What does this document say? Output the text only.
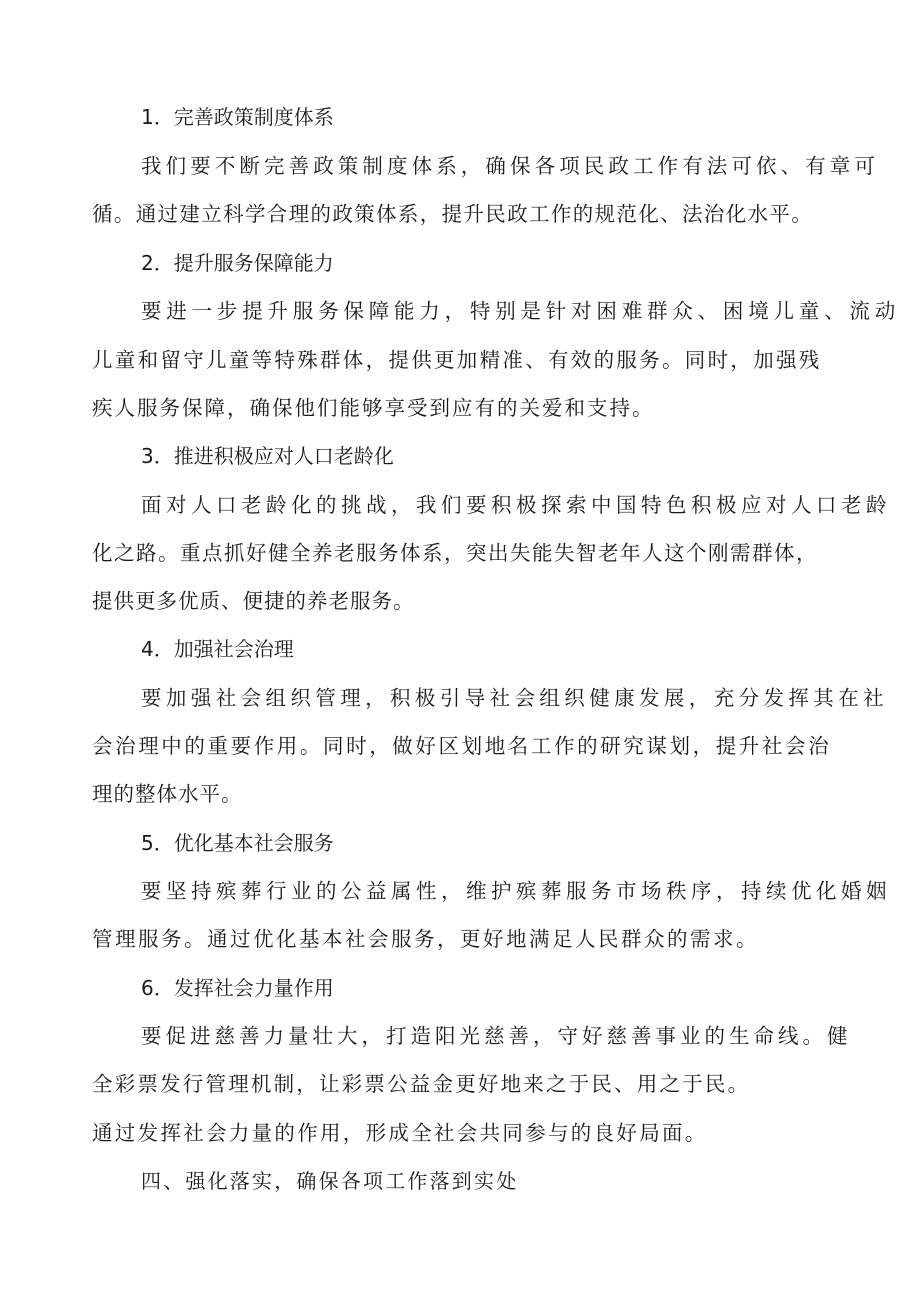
1．完善政策制度体系
我们要不断完善政策制度体系，确保各项民政工作有法可依、有章可
循。通过建立科学合理的政策体系，提升民政工作的规范化、法治化水平。
2．提升服务保障能力
要进一步提升服务保障能力，特别是针对困难群众、困境儿童、流动
儿童和留守儿童等特殊群体，提供更加精准、有效的服务。同时，加强残
疾人服务保障，确保他们能够享受到应有的关爱和支持。
3．推进积极应对人口老龄化
面对人口老龄化的挑战，我们要积极探索中国特色积极应对人口老龄
化之路。重点抓好健全养老服务体系，突出失能失智老年人这个刚需群体，
提供更多优质、便捷的养老服务。
4．加强社会治理
要加强社会组织管理，积极引导社会组织健康发展，充分发挥其在社
会治理中的重要作用。同时，做好区划地名工作的研究谋划，提升社会治
理的整体水平。
5．优化基本社会服务
要坚持殡葬行业的公益属性，维护殡葬服务市场秩序，持续优化婚姻
管理服务。通过优化基本社会服务，更好地满足人民群众的需求。
6．发挥社会力量作用
要促进慈善力量壮大，打造阳光慈善，守好慈善事业的生命线。健
全彩票发行管理机制，让彩票公益金更好地来之于民、用之于民。
通过发挥社会力量的作用，形成全社会共同参与的良好局面。
四、强化落实，确保各项工作落到实处
